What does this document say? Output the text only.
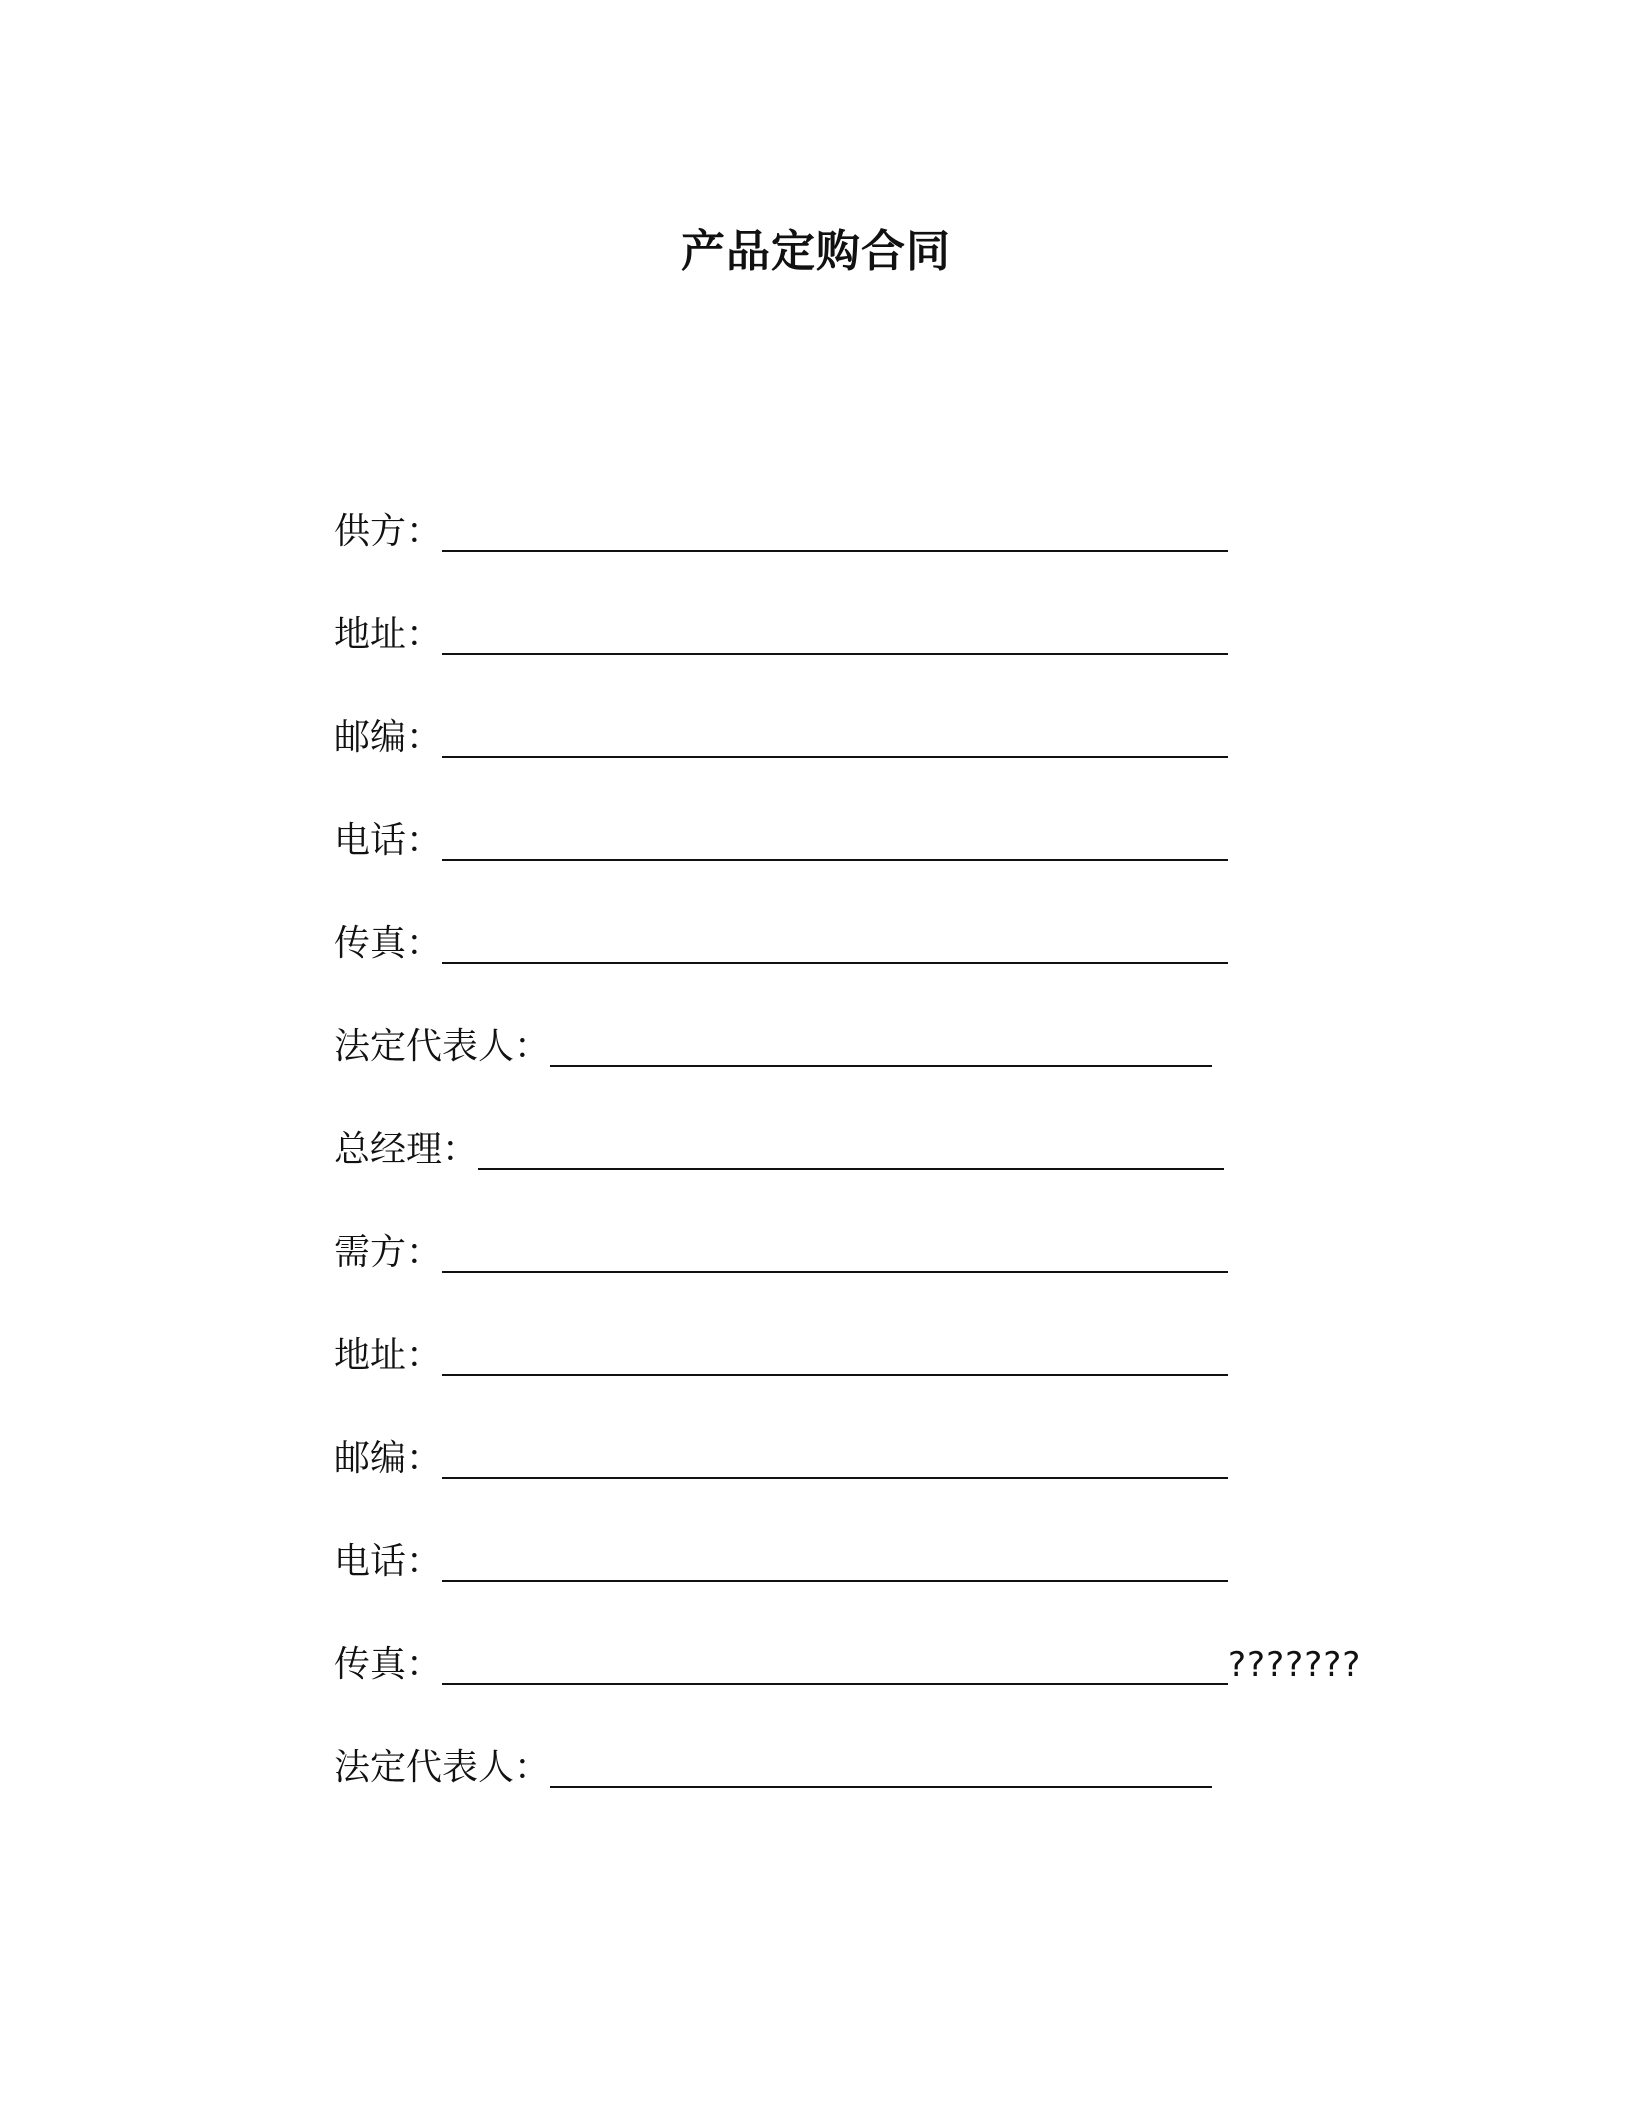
产品定购合同
供方：
地址：
邮编：
电话：
传真：
法定代表人：
总经理：
需方：
地址：
邮编：
电话：
传真：	???????
法定代表人：
